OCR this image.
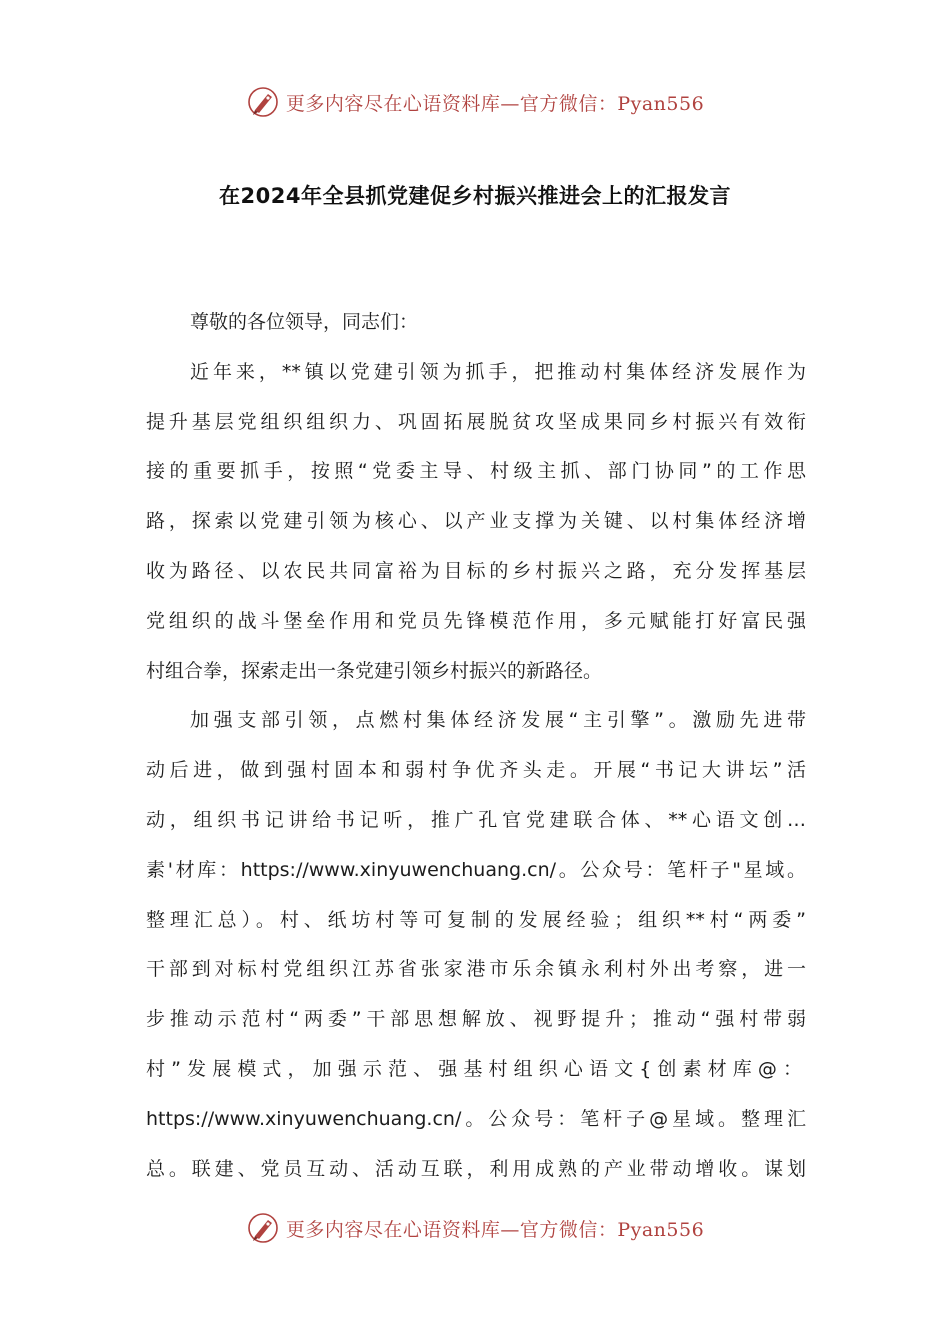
更多内容尽在心语资料库—官方微信：Pyan556
在2024年全县抓党建促乡村振兴推进会上的汇报发言
尊敬的各位领导，同志们：
近年来，**镇以党建引领为抓手，把推动村集体经济发展作为
提升基层党组织组织力、巩固拓展脱贫攻坚成果同乡村振兴有效衔
接的重要抓手，按照“党委主导、村级主抓、部门协同”的工作思
路，探索以党建引领为核心、以产业支撑为关键、以村集体经济增
收为路径、以农民共同富裕为目标的乡村振兴之路，充分发挥基层
党组织的战斗堡垒作用和党员先锋模范作用，多元赋能打好富民强
村组合拳，探索走出一条党建引领乡村振兴的新路径。
加强支部引领，点燃村集体经济发展“主引擎”。激励先进带
动后进，做到强村固本和弱村争优齐头走。开展“书记大讲坛”活
动，组织书记讲给书记听，推广孔官党建联合体、**心语文创…
素'材库：https://www.xinyuwenchuang.cn/。公众号：笔杆子"星域。
整理汇总）。村、纸坊村等可复制的发展经验；组织**村“两委”
干部到对标村党组织江苏省张家港市乐余镇永利村外出考察，进一
步推动示范村“两委”干部思想解放、视野提升；推动“强村带弱
村”发展模式，加强示范、强基村组织心语文{创素材库@：
https://www.xinyuwenchuang.cn/。公众号：笔杆子@星域。整理汇
总。联建、党员互动、活动互联，利用成熟的产业带动增收。谋划
更多内容尽在心语资料库—官方微信：Pyan556
